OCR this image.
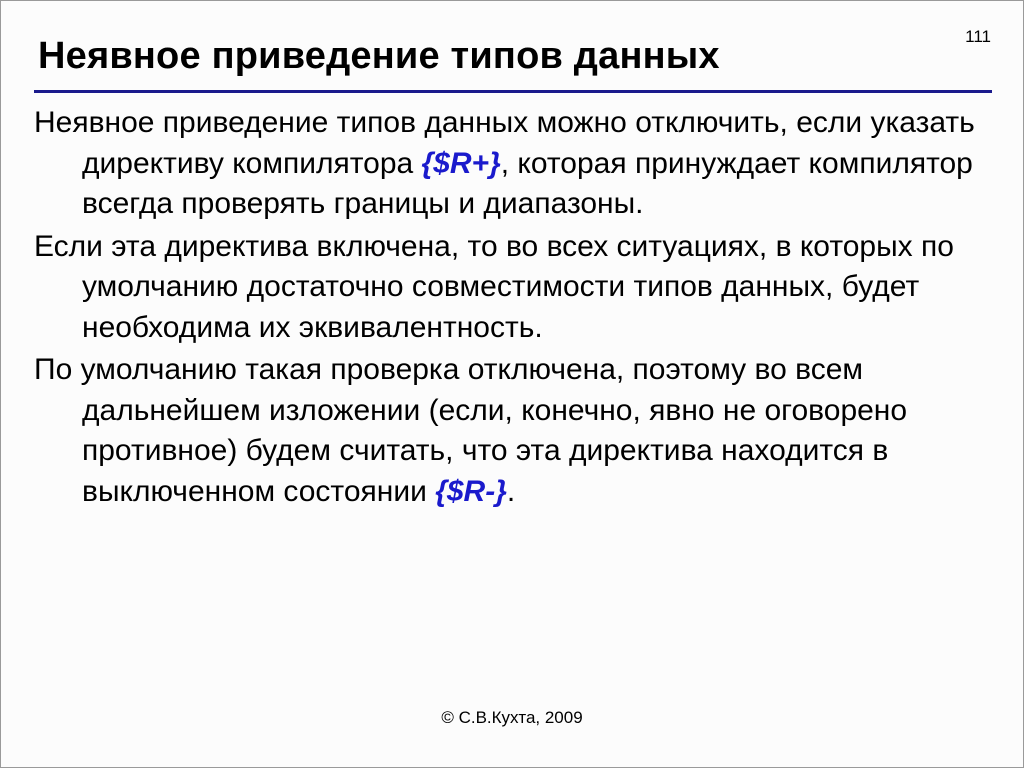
111
Неявное приведение типов данных

Неявное приведение типов данных можно отключить, если указать директиву компилятора {$R+}, которая принуждает компилятор всегда проверять границы и диапазоны.

Если эта директива включена, то во всех ситуациях, в которых по умолчанию достаточно совместимости типов данных, будет необходима их эквивалентность.

По умолчанию такая проверка отключена, поэтому во всем дальнейшем изложении (если, конечно, явно не оговорено противное) будем считать, что эта директива находится в выключенном состоянии {$R-}.

© С.В.Кухта, 2009
